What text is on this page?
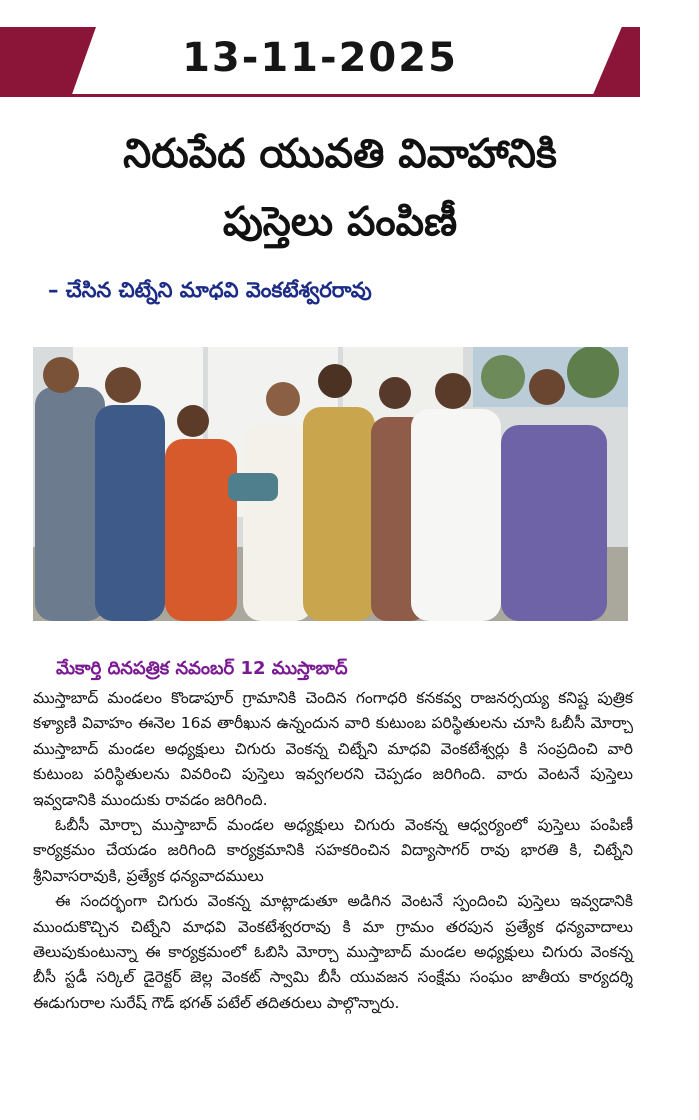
13-11-2025
నిరుపేద యువతి వివాహానికి
పుస్తెలు పంపిణీ
– చేసిన చిట్నేని మాధవి వెంకటేశ్వరరావు
మేకార్తి దినపత్రిక నవంబర్ 12 ముస్తాబాద్

ముస్తాబాద్ మండలం కొండాపూర్ గ్రామానికి చెందిన గంగాధరి కనకవ్వ రాజనర్సయ్య కనిష్ట పుత్రిక కళ్యాణి వివాహం ఈనెల 16వ తారీఖున ఉన్నందున వారి కుటుంబ పరిస్థితులను చూసి ఓబీసీ మోర్చా ముస్తాబాద్ మండల అధ్యక్షులు చిగురు వెంకన్న చిట్నేని మాధవి వెంకటేశ్వర్లు కి సంప్రదించి వారి కుటుంబ పరిస్థితులను వివరించి పుస్తెలు ఇవ్వగలరని చెప్పడం జరిగింది. వారు వెంటనే పుస్తెలు ఇవ్వడానికి ముందుకు రావడం జరిగింది.

ఓబీసీ మోర్చా ముస్తాబాద్ మండల అధ్యక్షులు చిగురు వెంకన్న ఆధ్వర్యంలో పుస్తెలు పంపిణీ కార్యక్రమం చేయడం జరిగింది కార్యక్రమానికి సహకరించిన విద్యాసాగర్ రావు భారతి కి, చిట్నేని శ్రీనివాసరావుకి, ప్రత్యేక ధన్యవాదములు

ఈ సందర్భంగా చిగురు వెంకన్న మాట్లాడుతూ అడిగిన వెంటనే స్పందించి పుస్తెలు ఇవ్వడానికి ముందుకొచ్చిన చిట్నేని మాధవి వెంకటేశ్వరరావు కి మా గ్రామం తరపున ప్రత్యేక ధన్యవాదాలు తెలుపుకుంటున్నా ఈ కార్యక్రమంలో ఓబిసి మోర్చా ముస్తాబాద్ మండల అధ్యక్షులు చిగురు వెంకన్న బీసీ స్టడీ సర్కిల్ డైరెక్టర్ జెల్ల వెంకట్ స్వామి బీసీ యువజన సంక్షేమ సంఘం జాతీయ కార్యదర్శి ఈడుగురాల సురేష్ గౌడ్ భగత్ పటేల్ తదితరులు పాల్గొన్నారు.
